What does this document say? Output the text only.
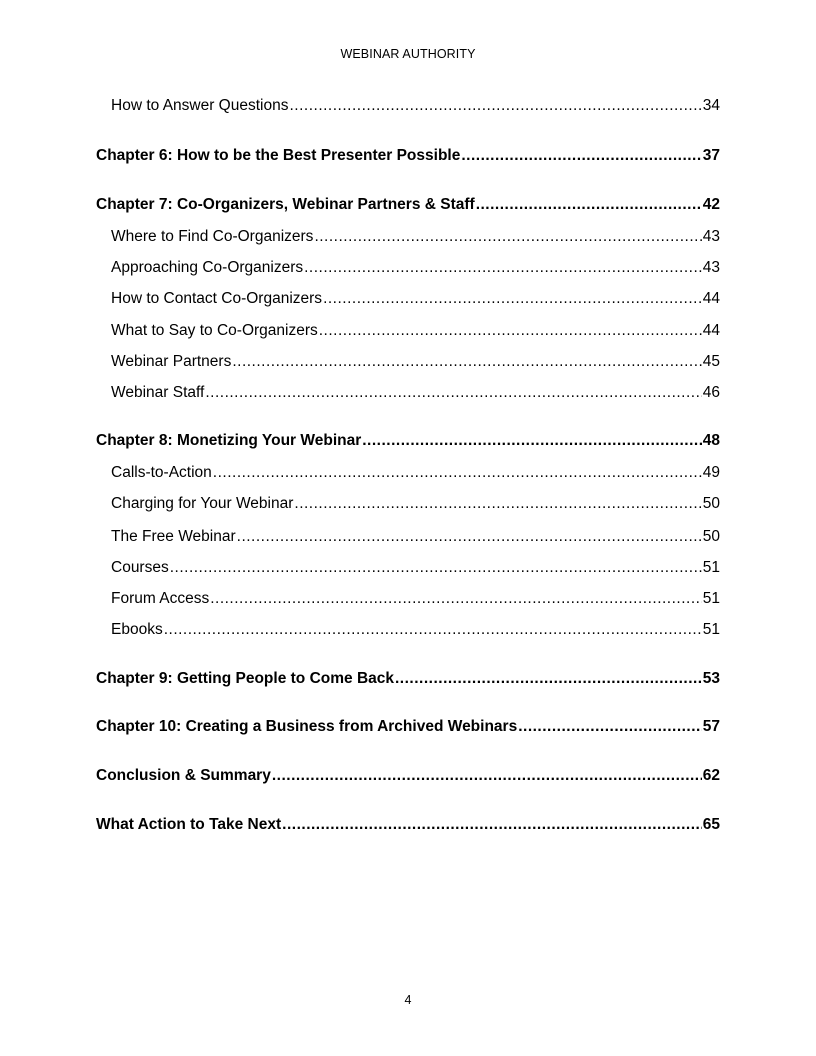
WEBINAR AUTHORITY
How to Answer Questions .....	34
Chapter 6: How to be the Best Presenter Possible .....	37
Chapter 7: Co-Organizers, Webinar Partners & Staff .....	42
Where to Find Co-Organizers .....	43
Approaching Co-Organizers .....	43
How to Contact Co-Organizers .....	44
What to Say to Co-Organizers .....	44
Webinar Partners .....	45
Webinar Staff .....	46
Chapter 8: Monetizing Your Webinar .....	48
Calls-to-Action .....	49
Charging for Your Webinar .....	50
The Free Webinar .....	50
Courses .....	51
Forum Access .....	51
Ebooks .....	51
Chapter 9: Getting People to Come Back .....	53
Chapter 10: Creating a Business from Archived Webinars .....	57
Conclusion & Summary .....	62
What Action to Take Next .....	65
4
